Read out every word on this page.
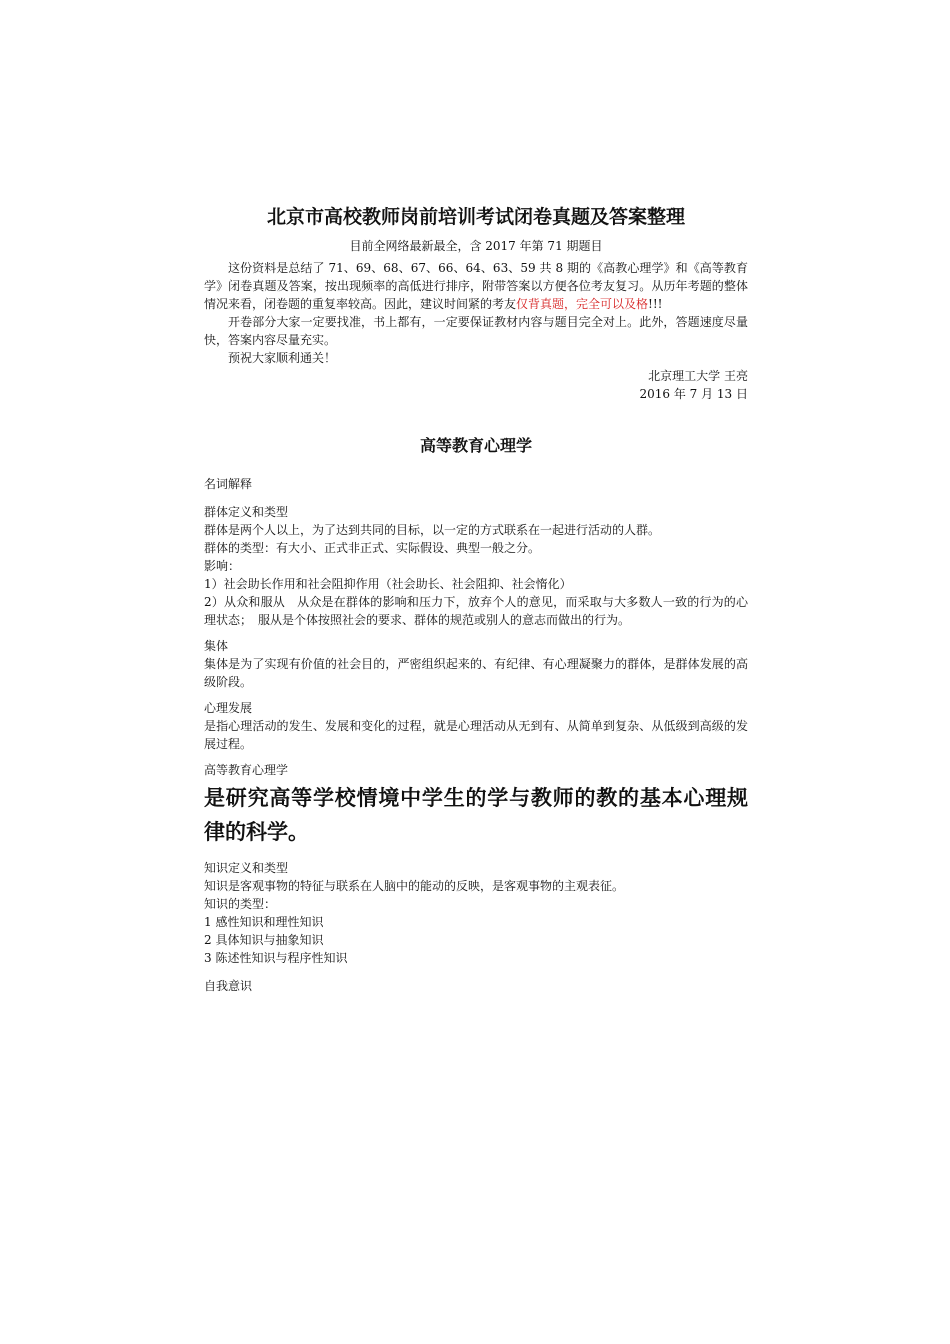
北京市高校教师岗前培训考试闭卷真题及答案整理
目前全网络最新最全，含 2017 年第 71 期题目

这份资料是总结了 71、69、68、67、66、64、63、59 共 8 期的《高教心理学》和《高等教育学》闭卷真题及答案，按出现频率的高低进行排序，附带答案以方便各位考友复习。从历年考题的整体情况来看，闭卷题的重复率较高。因此，建议时间紧的考友仅背真题，完全可以及格!!!

开卷部分大家一定要找准，书上都有，一定要保证教材内容与题目完全对上。此外，答题速度尽量快，答案内容尽量充实。

预祝大家顺利通关！

北京理工大学 王亮
2016 年 7 月 13 日
高等教育心理学
名词解释
群体定义和类型

群体是两个人以上，为了达到共同的目标，以一定的方式联系在一起进行活动的人群。

群体的类型：有大小、正式非正式、实际假设、典型一般之分。

影响：

1）社会助长作用和社会阻抑作用（社会助长、社会阻抑、社会惰化）

2）从众和服从　从众是在群体的影响和压力下，放弃个人的意见，而采取与大多数人一致的行为的心理状态；　服从是个体按照社会的要求、群体的规范或别人的意志而做出的行为。

集体

集体是为了实现有价值的社会目的，严密组织起来的、有纪律、有心理凝聚力的群体，是群体发展的高级阶段。

心理发展

是指心理活动的发生、发展和变化的过程，就是心理活动从无到有、从简单到复杂、从低级到高级的发展过程。

高等教育心理学

是研究高等学校情境中学生的学与教师的教的基本心理规律的科学。

知识定义和类型

知识是客观事物的特征与联系在人脑中的能动的反映，是客观事物的主观表征。

知识的类型：

1 感性知识和理性知识

2 具体知识与抽象知识

3 陈述性知识与程序性知识

自我意识
